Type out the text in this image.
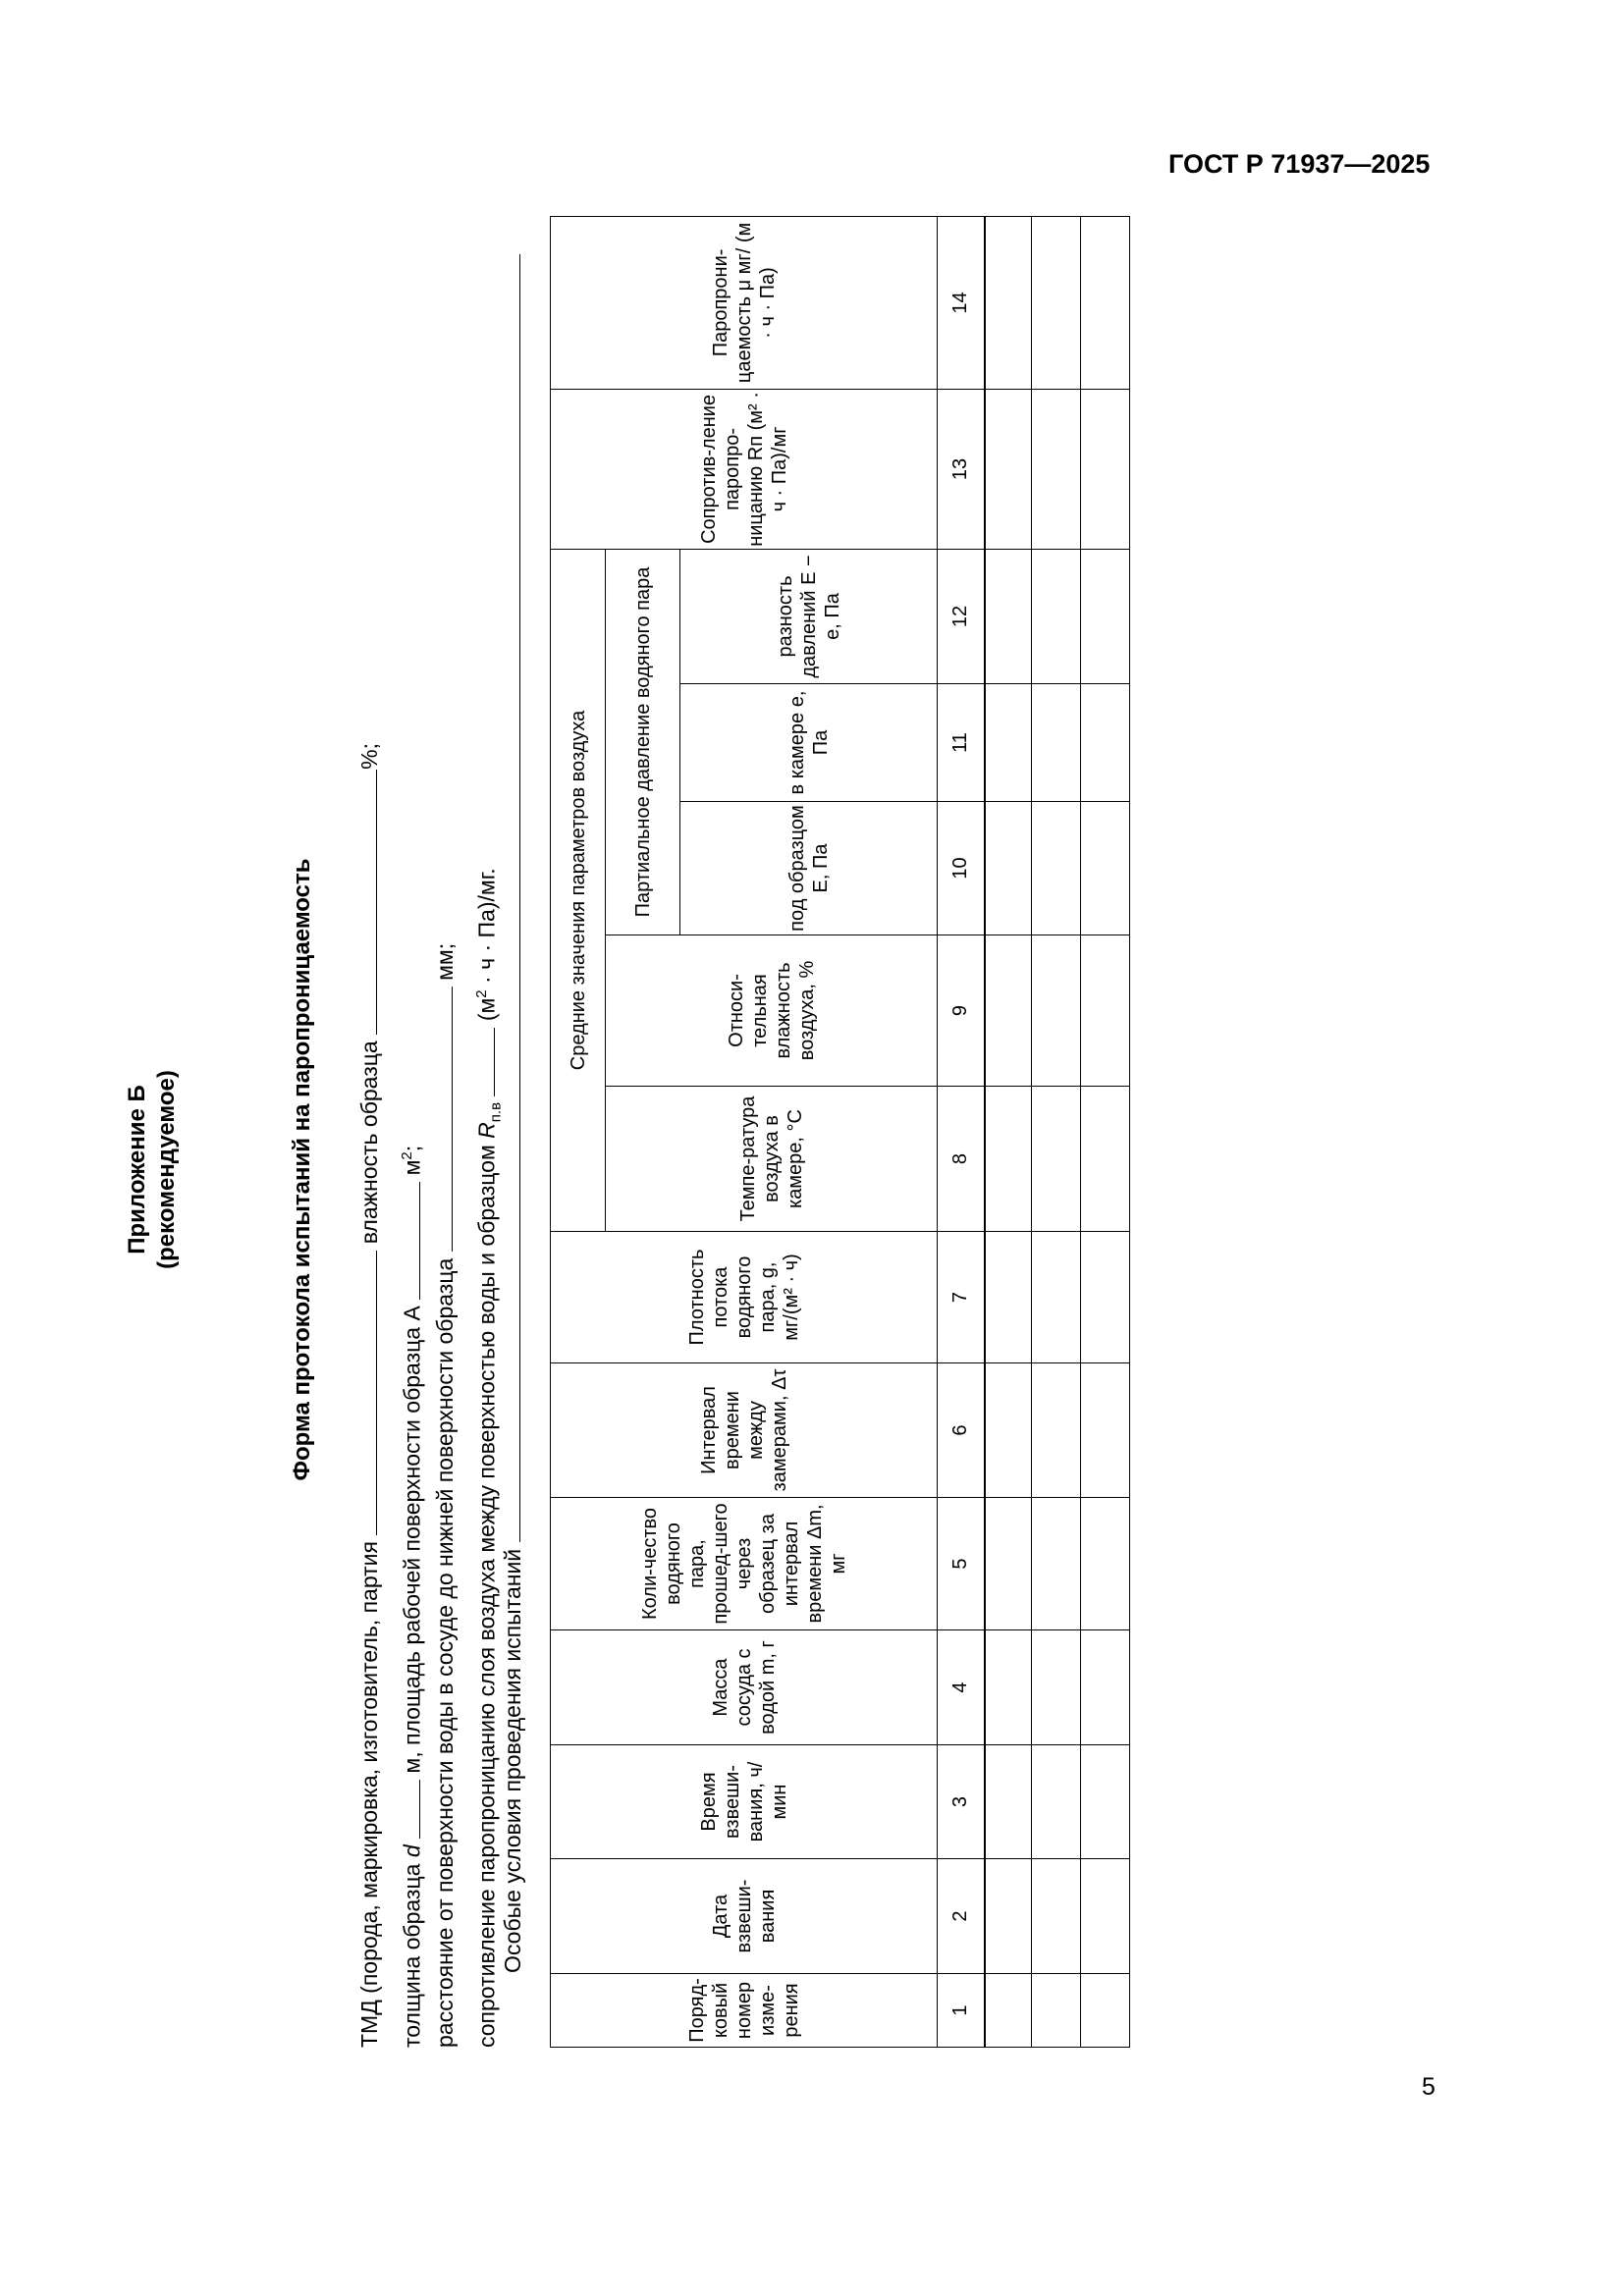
ГОСТ Р 71937—2025
5
Приложение Б (рекомендуемое)	Форма протокола испытаний на паропроницаемость
ТМД (порода, маркировка, изготовитель, партия  влажность образца %;
толщина образца d  м, площадь рабочей поверхности образца А  $м^2$;
расстояние от поверхности воды в сосуде до нижней поверхности образца  мм;
сопротивление паропроницанию слоя воздуха между поверхностью воды и образцом $R_{п.в}$  $(м^2 \cdot ч \cdot Па)/мг$.
Особые условия проведения испытаний
Поряд-ковый номер изме-рения	Дата взвеши-вания	Время взвеши-вания, ч/мин	Масса сосуда с водой m, г	Коли-чество водяного пара, прошед-шего через образец за интервал времени Δm, мг	Интервал времени между замерами, Δτ	Плотность потока водяного пара, g, мг/(м² · ч)	Средние значения параметров воздуха					Сопротив-ление паропро-ницанию Rп (м² · ч · Па)/мг	Паропрони-цаемость μ мг/ (м · ч · Па)
							Темпе-ратура воздуха в камере, °С	Относи-тельная влажность воздуха, %	Партиальное давление водяного пара				
									под образцом Е, Па	в камере е, Па	разность давлений Е − е, Па		
1	2	3	4	5	6	7	8	9	10	11	12	13	14
